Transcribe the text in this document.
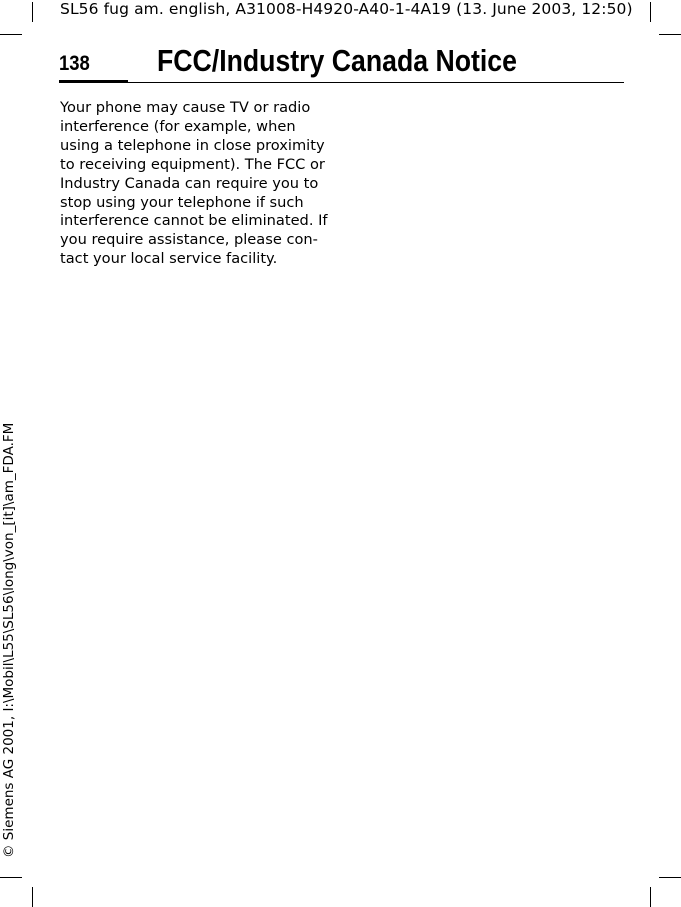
SL56 fug am. english, A31008-H4920-A40-1-4A19 (13. June 2003, 12:50)
138 FCC/Industry Canada Notice
Your phone may cause TV or radio
interference (for example, when
using a telephone in close proximity
to receiving equipment). The FCC or
Industry Canada can require you to
stop using your telephone if such
interference cannot be eliminated. If
you require assistance, please con-
tact your local service facility.
© Siemens AG 2001, I:\Mobil\L55\SL56\long\von_[it]\am_FDA.FM
